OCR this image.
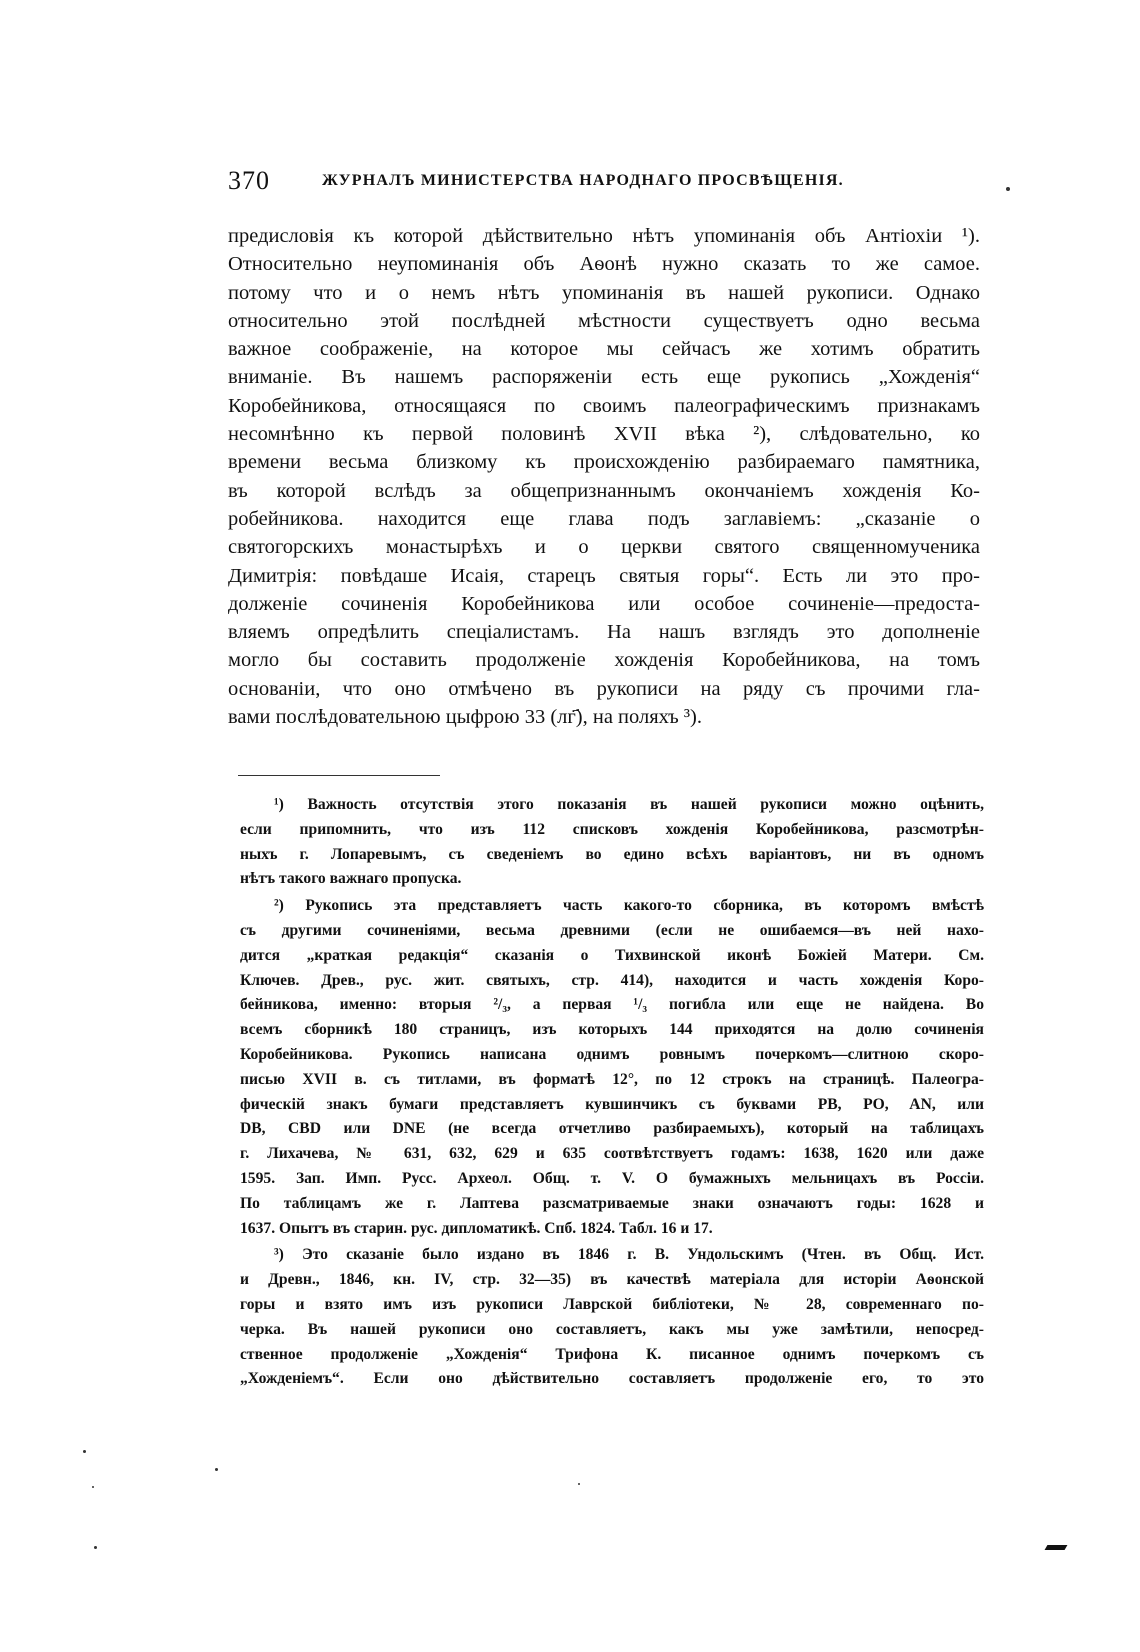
370	ЖУРНАЛЪ МИНИСТЕРСТВА НАРОДНАГО ПРОСВѢЩЕНІЯ.
предисловія къ которой дѣйствительно нѣтъ упоминанія объ Антіохіи ¹).
Относительно неупоминанія объ Аѳонѣ нужно сказать то же самое.
потому что и о немъ нѣтъ упоминанія въ нашей рукописи. Однако
относительно этой послѣдней мѣстности существуетъ одно весьма
важное соображеніе, на которое мы сейчасъ же хотимъ обратить
вниманіе. Въ нашемъ распоряженіи есть еще рукопись „Хожденія“
Коробейникова, относящаяся по своимъ палеографическимъ признакамъ
несомнѣнно къ первой половинѣ XVII вѣка ²), слѣдовательно, ко
времени весьма близкому къ происхожденію разбираемаго памятника,
въ которой вслѣдъ за общепризнаннымъ окончаніемъ хожденія Ко-
робейникова. находится еще глава подъ заглавіемъ: „сказаніе о
святогорскихъ монастырѣхъ и о церкви святого священномученика
Димитрія: повѣдаше Исаія, старецъ святыя горы“. Есть ли это про-
долженіе сочиненія Коробейникова или особое сочиненіе—предоста-
вляемъ опредѣлить спеціалистамъ. На нашъ взглядъ это дополненіе
могло бы составить продолженіе хожденія Коробейникова, на томъ
основаніи, что оно отмѣчено въ рукописи на ряду съ прочими гла-
вами послѣдовательною цыфрою 33 (лг҃), на поляхъ ³).
¹) Важность отсутствія этого показанія въ нашей рукописи можно оцѣнить,
если припомнить, что изъ 112 списковъ хожденія Коробейникова, разсмотрѣн-
ныхъ г. Лопаревымъ, съ сведеніемъ во едино всѣхъ варіантовъ, ни въ одномъ
нѣтъ такого важнаго пропуска.
²) Рукопись эта представляетъ часть какого-то сборника, въ которомъ вмѣстѣ
съ другими сочиненіями, весьма древними (если не ошибаемся—въ ней нахо-
дится „краткая редакція“ сказанія о Тихвинской иконѣ Божіей Матери. См.
Ключев. Древ., рус. жит. святыхъ, стр. 414), находится и часть хожденія Коро-
бейникова, именно: вторыя ²/₃, а первая ¹/₃ погибла или еще не найдена. Во
всемъ сборникѣ 180 страницъ, изъ которыхъ 144 приходятся на долю сочиненія
Коробейникова. Рукопись написана однимъ ровнымъ почеркомъ—слитною скоро-
писью XVII в. съ титлами, въ форматѣ 12°, по 12 строкъ на страницѣ. Палеогра-
фическій знакъ бумаги представляетъ кувшинчикъ съ буквами PB, PO, AN, или
DB, CBD или DNE (не всегда отчетливо разбираемыхъ), который на таблицахъ
г. Лихачева, № 631, 632, 629 и 635 соотвѣтствуетъ годамъ: 1638, 1620 или даже
1595. Зап. Имп. Русс. Археол. Общ. т. V. О бумажныхъ мельницахъ въ Россіи.
По таблицамъ же г. Лаптева разсматриваемые знаки означаютъ годы: 1628 и
1637. Опытъ въ старин. рус. дипломатикѣ. Спб. 1824. Табл. 16 и 17.
³) Это сказаніе было издано въ 1846 г. В. Ундольскимъ (Чтен. въ Общ. Ист.
и Древн., 1846, кн. IV, стр. 32—35) въ качествѣ матеріала для исторіи Аѳонской
горы и взято имъ изъ рукописи Лаврской библіотеки, № 28, современнаго по-
черка. Въ нашей рукописи оно составляетъ, какъ мы уже замѣтили, непосред-
ственное продолженіе „Хожденія“ Трифона К. писанное однимъ почеркомъ съ
„Хожденіемъ“. Если оно дѣйствительно составляетъ продолженіе его, то это
